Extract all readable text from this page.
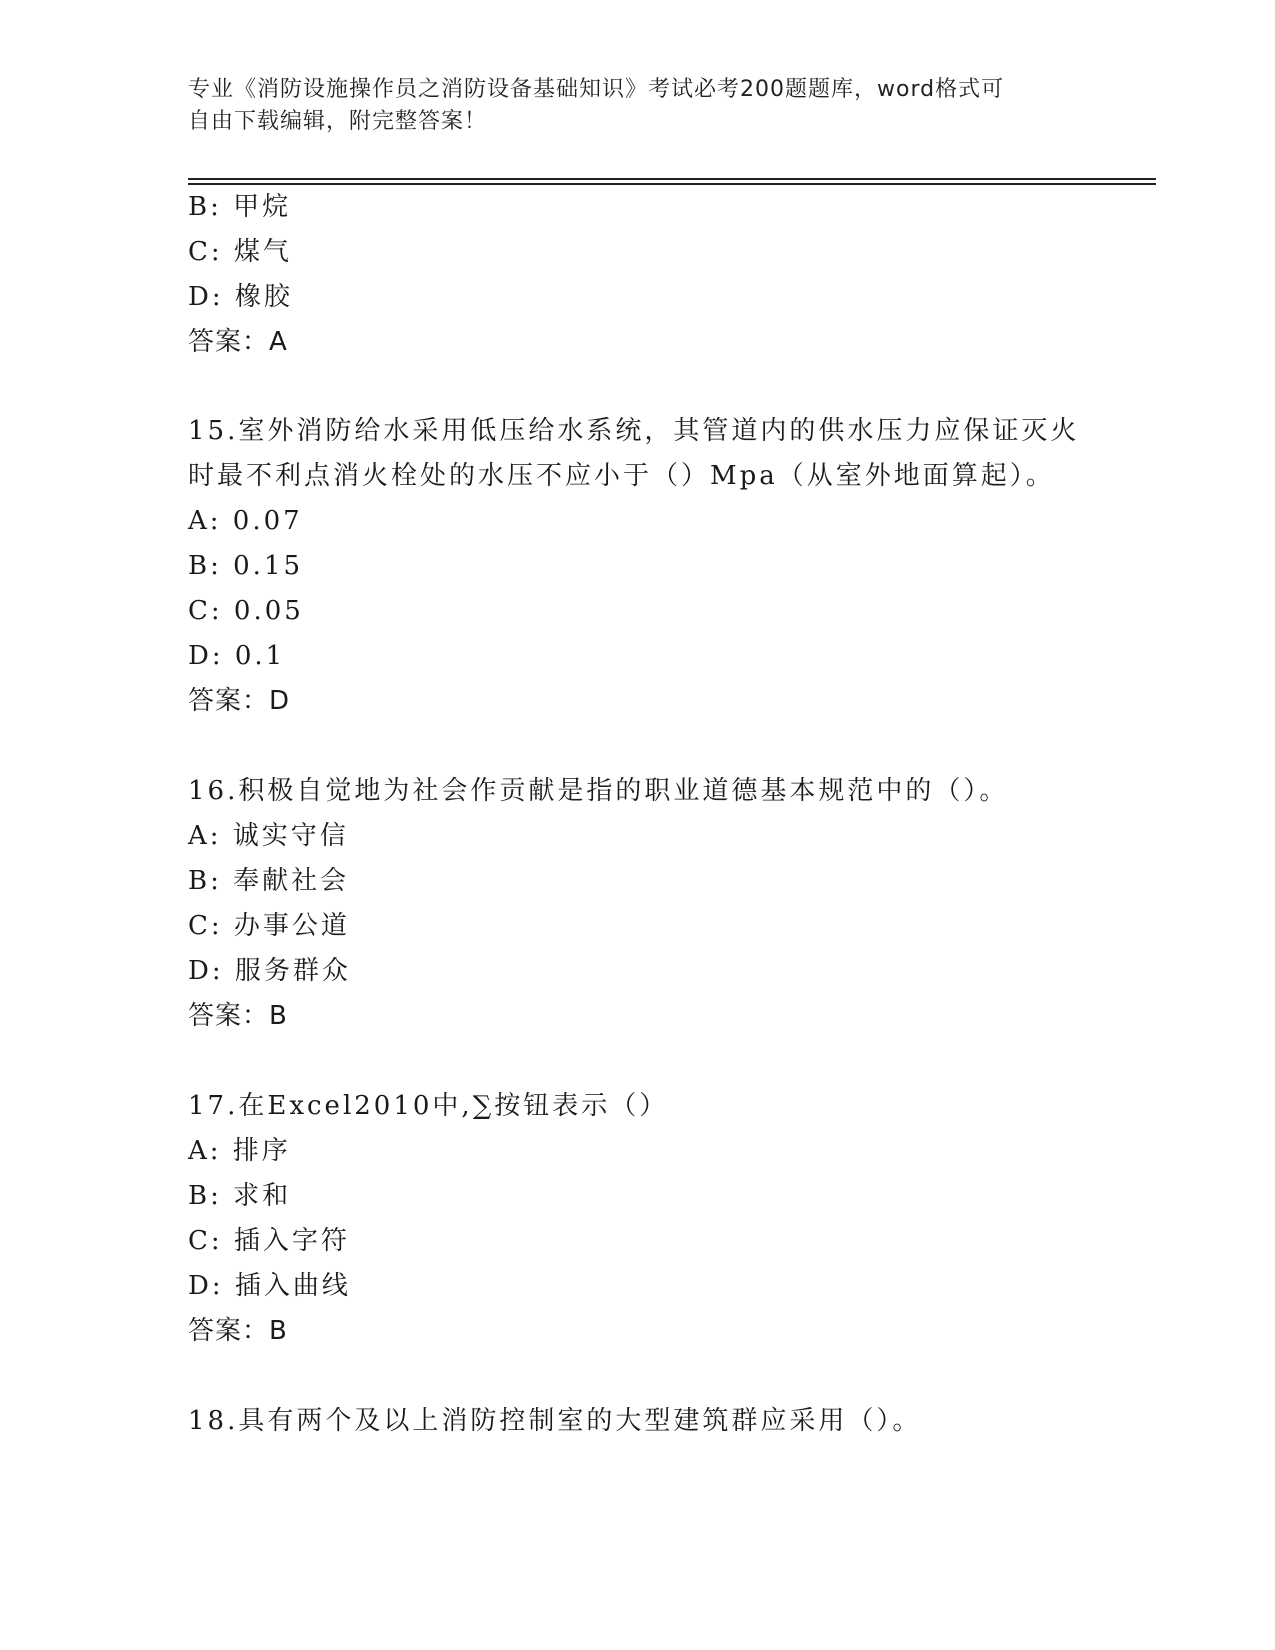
专业《消防设施操作员之消防设备基础知识》考试必考200题题库，word格式可
自由下载编辑，附完整答案！
B: 甲烷
C: 煤气
D: 橡胶
答案：A
15.室外消防给水采用低压给水系统，其管道内的供水压力应保证灭火
时最不利点消火栓处的水压不应小于（）Mpa（从室外地面算起）。
A: 0.07
B: 0.15
C: 0.05
D: 0.1
答案：D
16.积极自觉地为社会作贡献是指的职业道德基本规范中的（）。
A: 诚实守信
B: 奉献社会
C: 办事公道
D: 服务群众
答案：B
17.在Excel2010中,∑按钮表示（）
A: 排序
B: 求和
C: 插入字符
D: 插入曲线
答案：B
18.具有两个及以上消防控制室的大型建筑群应采用（）。
